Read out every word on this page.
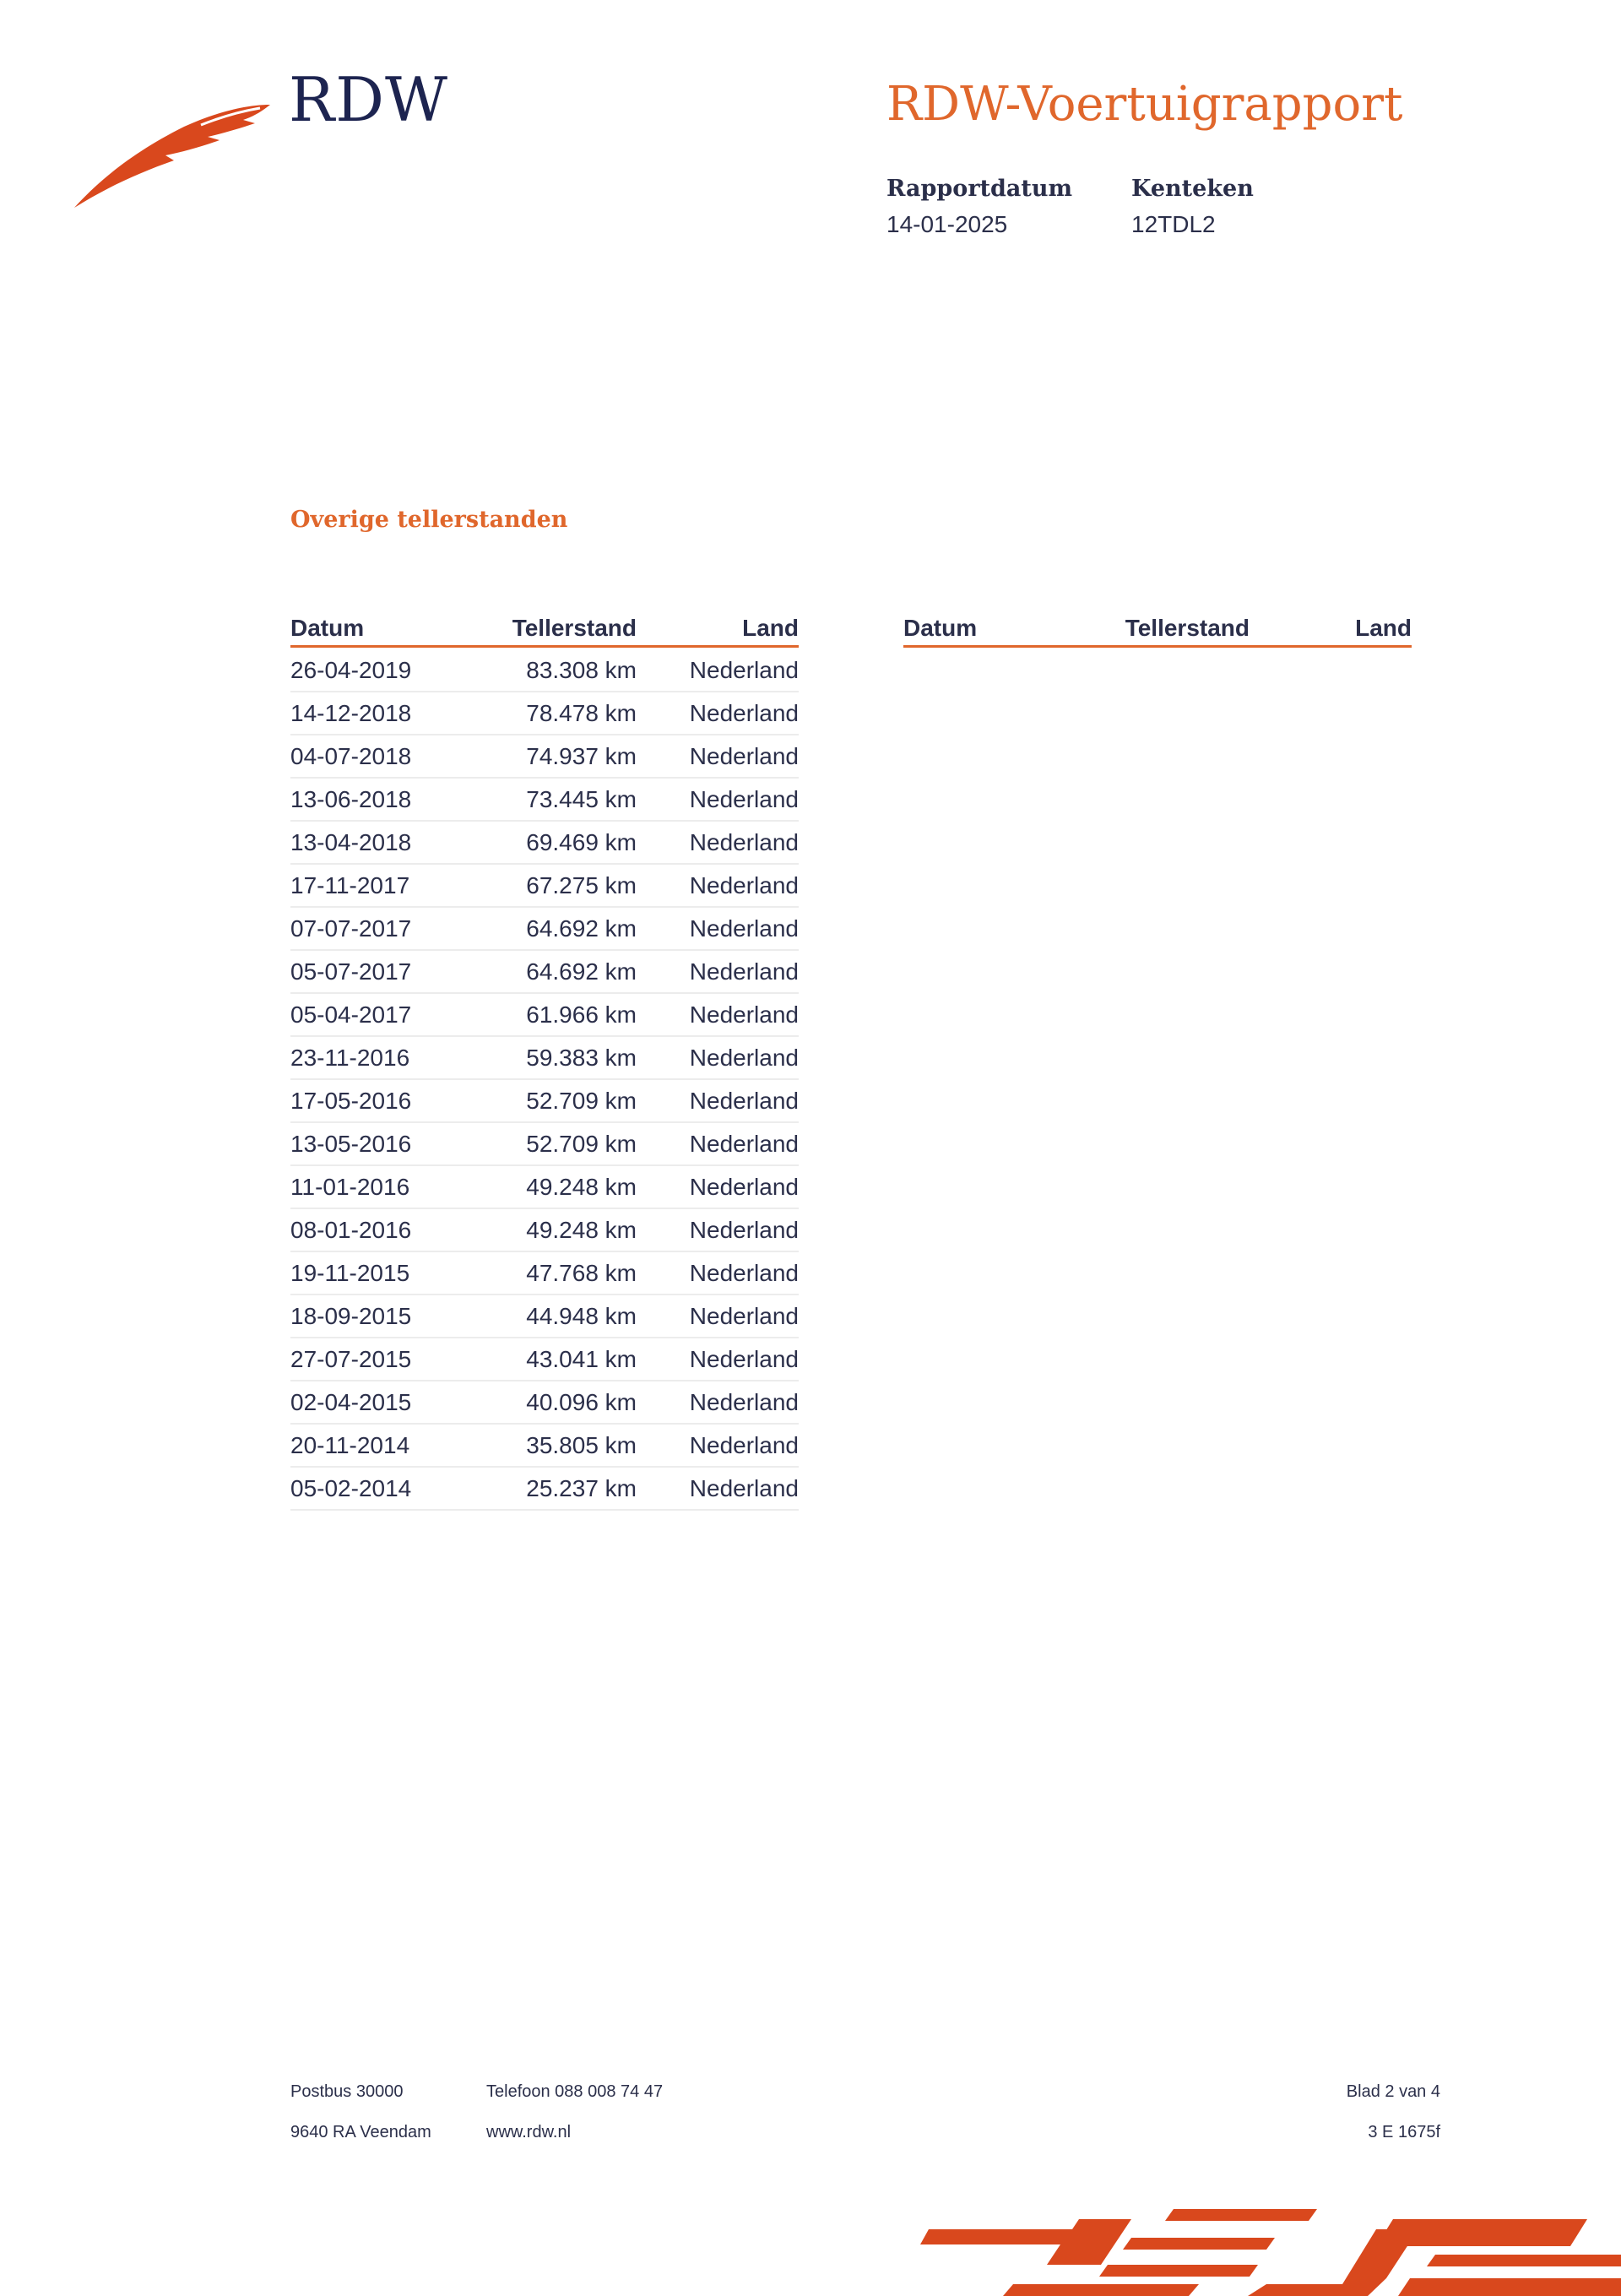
RDW	RDW-Voertuigrapport
Rapportdatum
14-01-2025
Kenteken
12TDL2
Overige tellerstanden
Datum	Tellerstand	Land
26-04-2019	83.308 km	Nederland
14-12-2018	78.478 km	Nederland
04-07-2018	74.937 km	Nederland
13-06-2018	73.445 km	Nederland
13-04-2018	69.469 km	Nederland
17-11-2017	67.275 km	Nederland
07-07-2017	64.692 km	Nederland
05-07-2017	64.692 km	Nederland
05-04-2017	61.966 km	Nederland
23-11-2016	59.383 km	Nederland
17-05-2016	52.709 km	Nederland
13-05-2016	52.709 km	Nederland
11-01-2016	49.248 km	Nederland
08-01-2016	49.248 km	Nederland
19-11-2015	47.768 km	Nederland
18-09-2015	44.948 km	Nederland
27-07-2015	43.041 km	Nederland
02-04-2015	40.096 km	Nederland
20-11-2014	35.805 km	Nederland
05-02-2014	25.237 km	Nederland
Datum	Tellerstand	Land
Postbus 30000
9640 RA Veendam
Telefoon 088 008 74 47
www.rdw.nl
Blad 2 van 4
3 E 1675f
